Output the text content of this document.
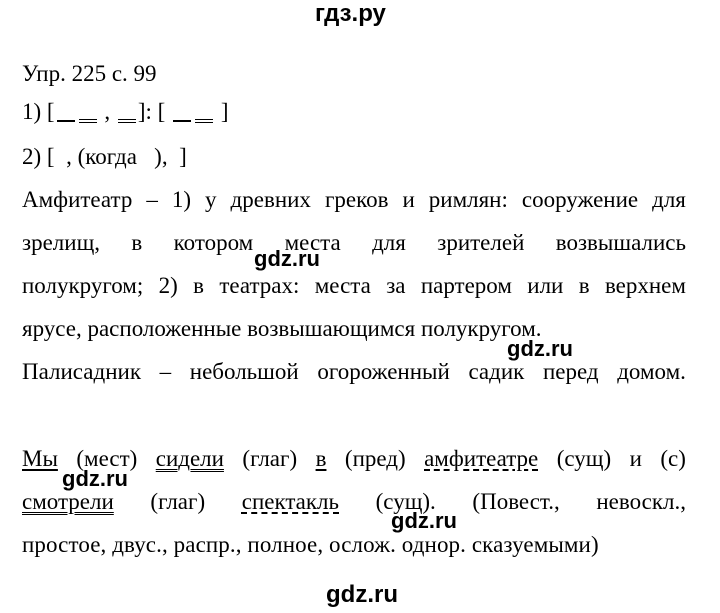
гдз.ру
Упр. 225 с. 99
1) [ , ]: [ ]
2) [  , (когда   ),  ]
Амфитеатр – 1) у древних греков и римлян: сооружение для
зрелищ, в котором места для зрителей возвышались
полукругом; 2) в театрах: места за партером или в верхнем
ярусе, расположенные возвышающимся полукругом.
Палисадник – небольшой огороженный садик перед домом.
Мы (мест) сидели (глаг) в (пред) амфитеатре (сущ) и (с)
смотрели (глаг) спектакль (сущ). (Повест., невоскл.,
простое, двус., распр., полное, ослож. однор. сказуемыми)
gdz.ru
gdz.ru
gdz.ru
gdz.ru
gdz.ru
